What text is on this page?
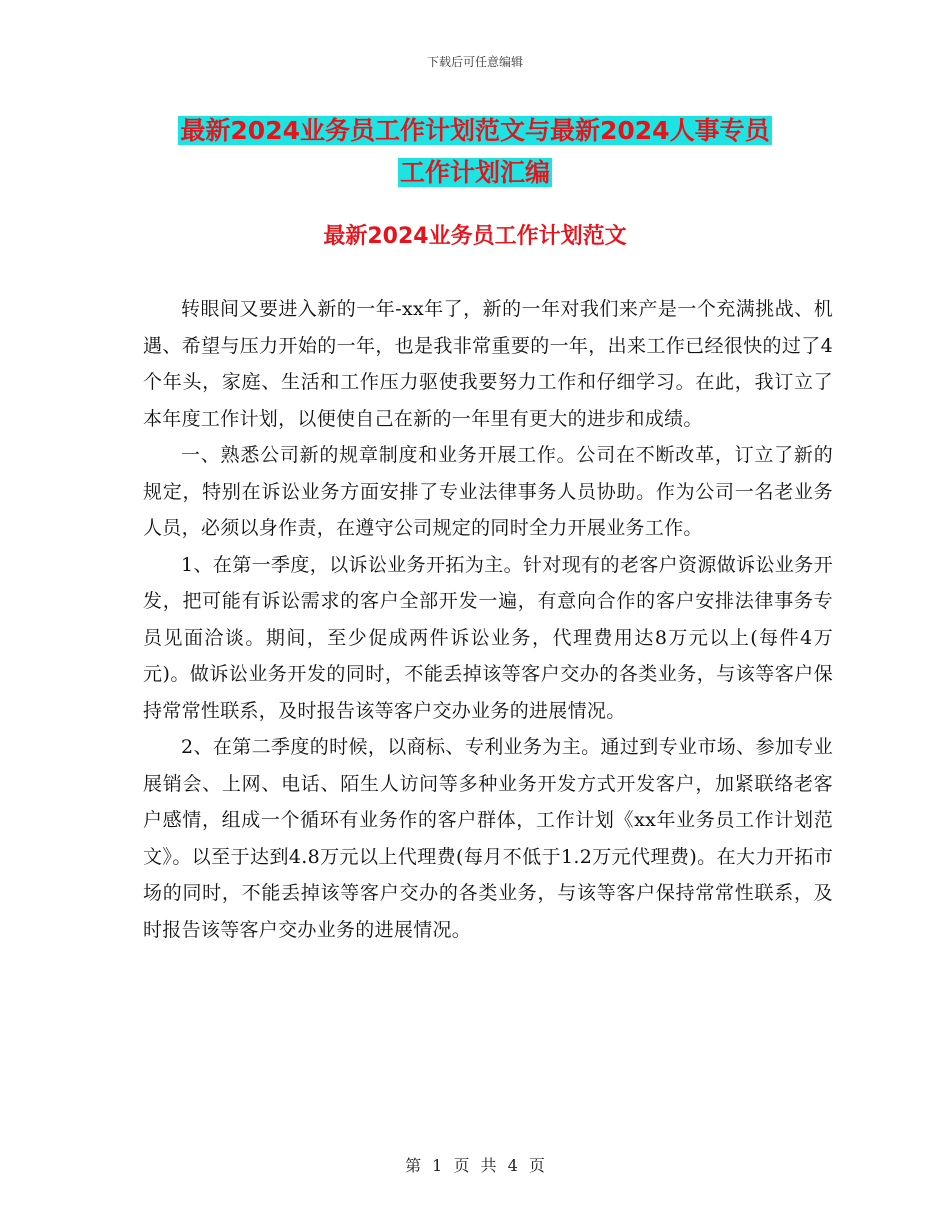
下载后可任意编辑
最新2024业务员工作计划范文与最新2024人事专员
工作计划汇编
最新2024业务员工作计划范文

转眼间又要进入新的一年-xx年了，新的一年对我们来产是一个充满挑战、机遇、希望与压力开始的一年，也是我非常重要的一年，出来工作已经很快的过了4个年头，家庭、生活和工作压力驱使我要努力工作和仔细学习。在此，我订立了本年度工作计划，以便使自己在新的一年里有更大的进步和成绩。

一、熟悉公司新的规章制度和业务开展工作。公司在不断改革，订立了新的规定，特别在诉讼业务方面安排了专业法律事务人员协助。作为公司一名老业务人员，必须以身作责，在遵守公司规定的同时全力开展业务工作。

1、在第一季度，以诉讼业务开拓为主。针对现有的老客户资源做诉讼业务开发，把可能有诉讼需求的客户全部开发一遍，有意向合作的客户安排法律事务专员见面洽谈。期间，至少促成两件诉讼业务，代理费用达8万元以上(每件4万元)。做诉讼业务开发的同时，不能丢掉该等客户交办的各类业务，与该等客户保持常常性联系，及时报告该等客户交办业务的进展情况。

2、在第二季度的时候，以商标、专利业务为主。通过到专业市场、参加专业展销会、上网、电话、陌生人访问等多种业务开发方式开发客户，加紧联络老客户感情，组成一个循环有业务作的客户群体，工作计划《xx年业务员工作计划范文》。以至于达到4.8万元以上代理费(每月不低于1.2万元代理费)。在大力开拓市场的同时，不能丢掉该等客户交办的各类业务，与该等客户保持常常性联系，及时报告该等客户交办业务的进展情况。

第 1 页 共 4 页
